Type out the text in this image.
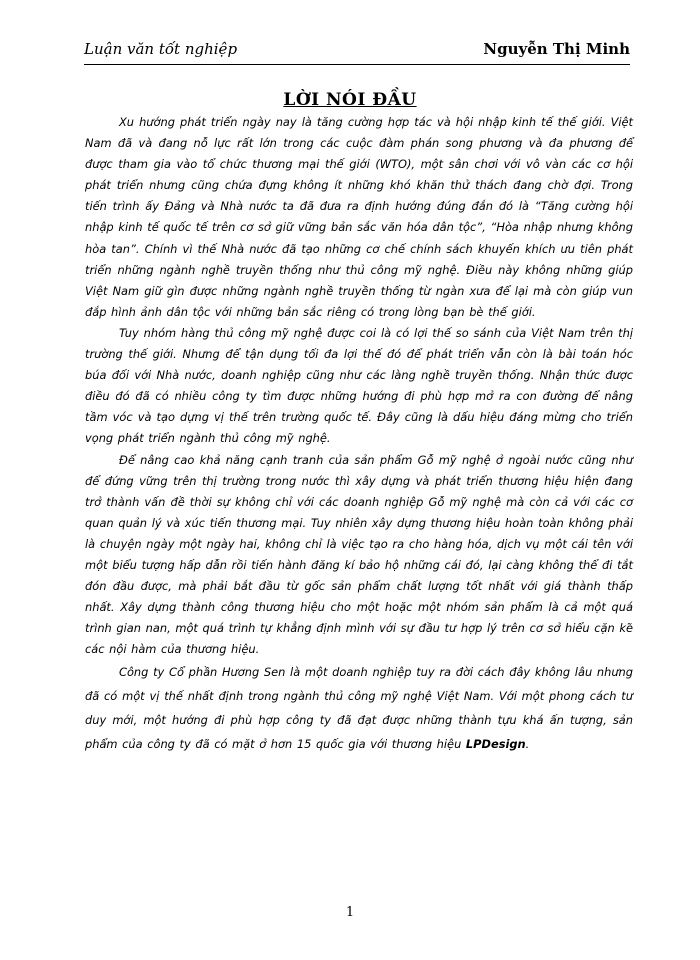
Luận văn tốt nghiệp	Nguyễn Thị Minh
LỜI NÓI ĐẦU

Xu hướng phát triển ngày nay là tăng cường hợp tác và hội nhập kinh tế thế giới. Việt Nam đã và đang nỗ lực rất lớn trong các cuộc đàm phán song phương và đa phương để được tham gia vào tổ chức thương mại thế giới (WTO), một sân chơi với vô vàn các cơ hội phát triển nhưng cũng chứa đựng không ít những khó khăn thử thách đang chờ đợi. Trong tiến trình ấy Đảng và Nhà nước ta đã đưa ra định hướng đúng đắn đó là “Tăng cường hội nhập kinh tế quốc tế trên cơ sở giữ vững bản sắc văn hóa dân tộc”, “Hòa nhập nhưng không hòa tan”. Chính vì thế Nhà nước đã tạo những cơ chế chính sách khuyến khích ưu tiên phát triển những ngành nghề truyền thống như thủ công mỹ nghệ. Điều này không những giúp Việt Nam giữ gìn được những ngành nghề truyền thống từ ngàn xưa để lại mà còn giúp vun đắp hình ảnh dân tộc với những bản sắc riêng có trong lòng bạn bè thế giới.

Tuy nhóm hàng thủ công mỹ nghệ được coi là có lợi thế so sánh của Việt Nam trên thị trường thế giới. Nhưng để tận dụng tối đa lợi thế đó để phát triển vẫn còn là bài toán hóc búa đối với Nhà nước, doanh nghiệp cũng như các làng nghề truyền thống. Nhận thức được điều đó đã có nhiều công ty tìm được những hướng đi phù hợp mở ra con đường để nâng tầm vóc và tạo dựng vị thế trên trường quốc tế. Đây cũng là dấu hiệu đáng mừng cho triển vọng phát triển ngành thủ công mỹ nghệ.

Để nâng cao khả năng cạnh tranh của sản phẩm Gỗ mỹ nghệ ở ngoài nước cũng như để đứng vững trên thị trường trong nước thì xây dựng và phát triển thương hiệu hiện đang trở thành vấn đề thời sự không chỉ với các doanh nghiệp Gỗ mỹ nghệ mà còn cả với các cơ quan quản lý và xúc tiến thương mại. Tuy nhiên xây dựng thương hiệu hoàn toàn không phải là chuyện ngày một ngày hai, không chỉ là việc tạo ra cho hàng hóa, dịch vụ một cái tên với một biểu tượng hấp dẫn rồi tiến hành đăng kí bảo hộ những cái đó, lại càng không thể đi tắt đón đầu được, mà phải bắt đầu từ gốc sản phẩm chất lượng tốt nhất với giá thành thấp nhất. Xây dựng thành công thương hiệu cho một hoặc một nhóm sản phẩm là cả một quá trình gian nan, một quá trình tự khẳng định mình với sự đầu tư hợp lý trên cơ sở hiểu cặn kẽ các nội hàm của thương hiệu.

Công ty Cổ phần Hương Sen là một doanh nghiệp tuy ra đời cách đây không lâu nhưng đã có một vị thế nhất định trong ngành thủ công mỹ nghệ Việt Nam. Với một phong cách tư duy mới, một hướng đi phù hợp công ty đã đạt được những thành tựu khá ấn tượng, sản phẩm của công ty đã có mặt ở hơn 15 quốc gia với thương hiệu LPDesign.

1
